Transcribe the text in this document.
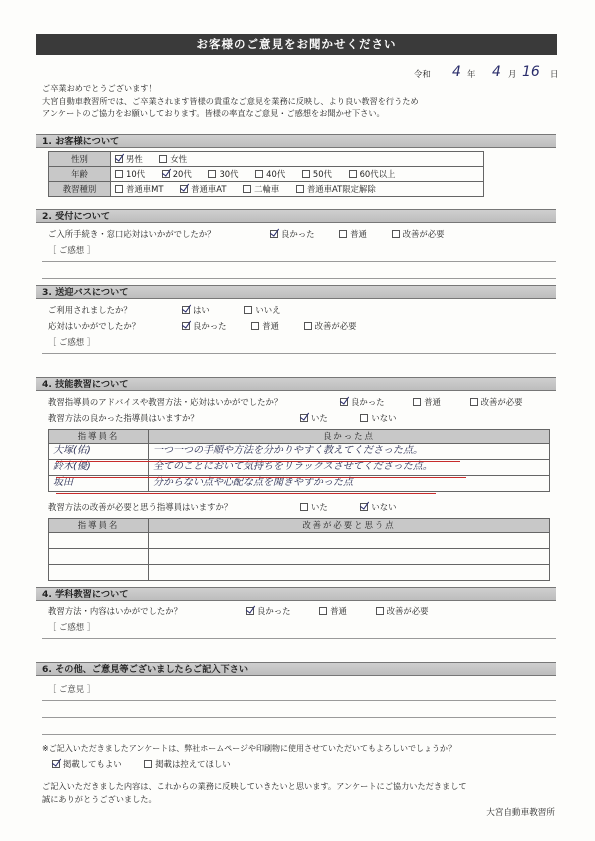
お客様のご意見をお聞かせください
令和 4 年 4 月 16 日
ご卒業おめでとうございます！
大宮自動車教習所では、ご卒業されます皆様の貴重なご意見を業務に反映し、より良い教習を行うため
アンケートのご協力をお願いしております。皆様の率直なご意見・ご感想をお聞かせ下さい。
1. お客様について
性別	男性 女性
年齢	10代 20代 30代 40代 50代 60代以上
教習種別	普通車MT 普通車AT 二輪車 普通車AT限定解除
2. 受付について
ご入所手続き・窓口応対はいかがでしたか？	良かった	普通	改善が必要
［ ご感想 ］
3. 送迎バスについて
ご利用されましたか？	はい	いいえ
応対はいかがでしたか？	良かった	普通	改善が必要
［ ご感想 ］
4. 技能教習について
教習指導員のアドバイスや教習方法・応対はいかがでしたか？	良かった	普通	改善が必要
教習方法の良かった指導員はいますか？	いた	いない
指導員名	良かった点
大塚(佑)	一つ一つの手順や方法を分かりやすく教えてくださった点。
鈴木(優)	全てのことにおいて気持ちをリラックスさせてくださった点。
坂田	分からない点や心配な点を聞きやすかった点
教習方法の改善が必要と思う指導員はいますか？	いた	いない
指導員名	改善が必要と思う点

4. 学科教習について
教習方法・内容はいかがでしたか？	良かった	普通	改善が必要
［ ご感想 ］
6. その他、ご意見等ございましたらご記入下さい
［ ご意見 ］
※ご記入いただきましたアンケートは、弊社ホームページや印刷物に使用させていただいてもよろしいでしょうか？
掲載してもよい	掲載は控えてほしい
ご記入いただきました内容は、これからの業務に反映していきたいと思います。アンケートにご協力いただきまして
誠にありがとうございました。
大宮自動車教習所
